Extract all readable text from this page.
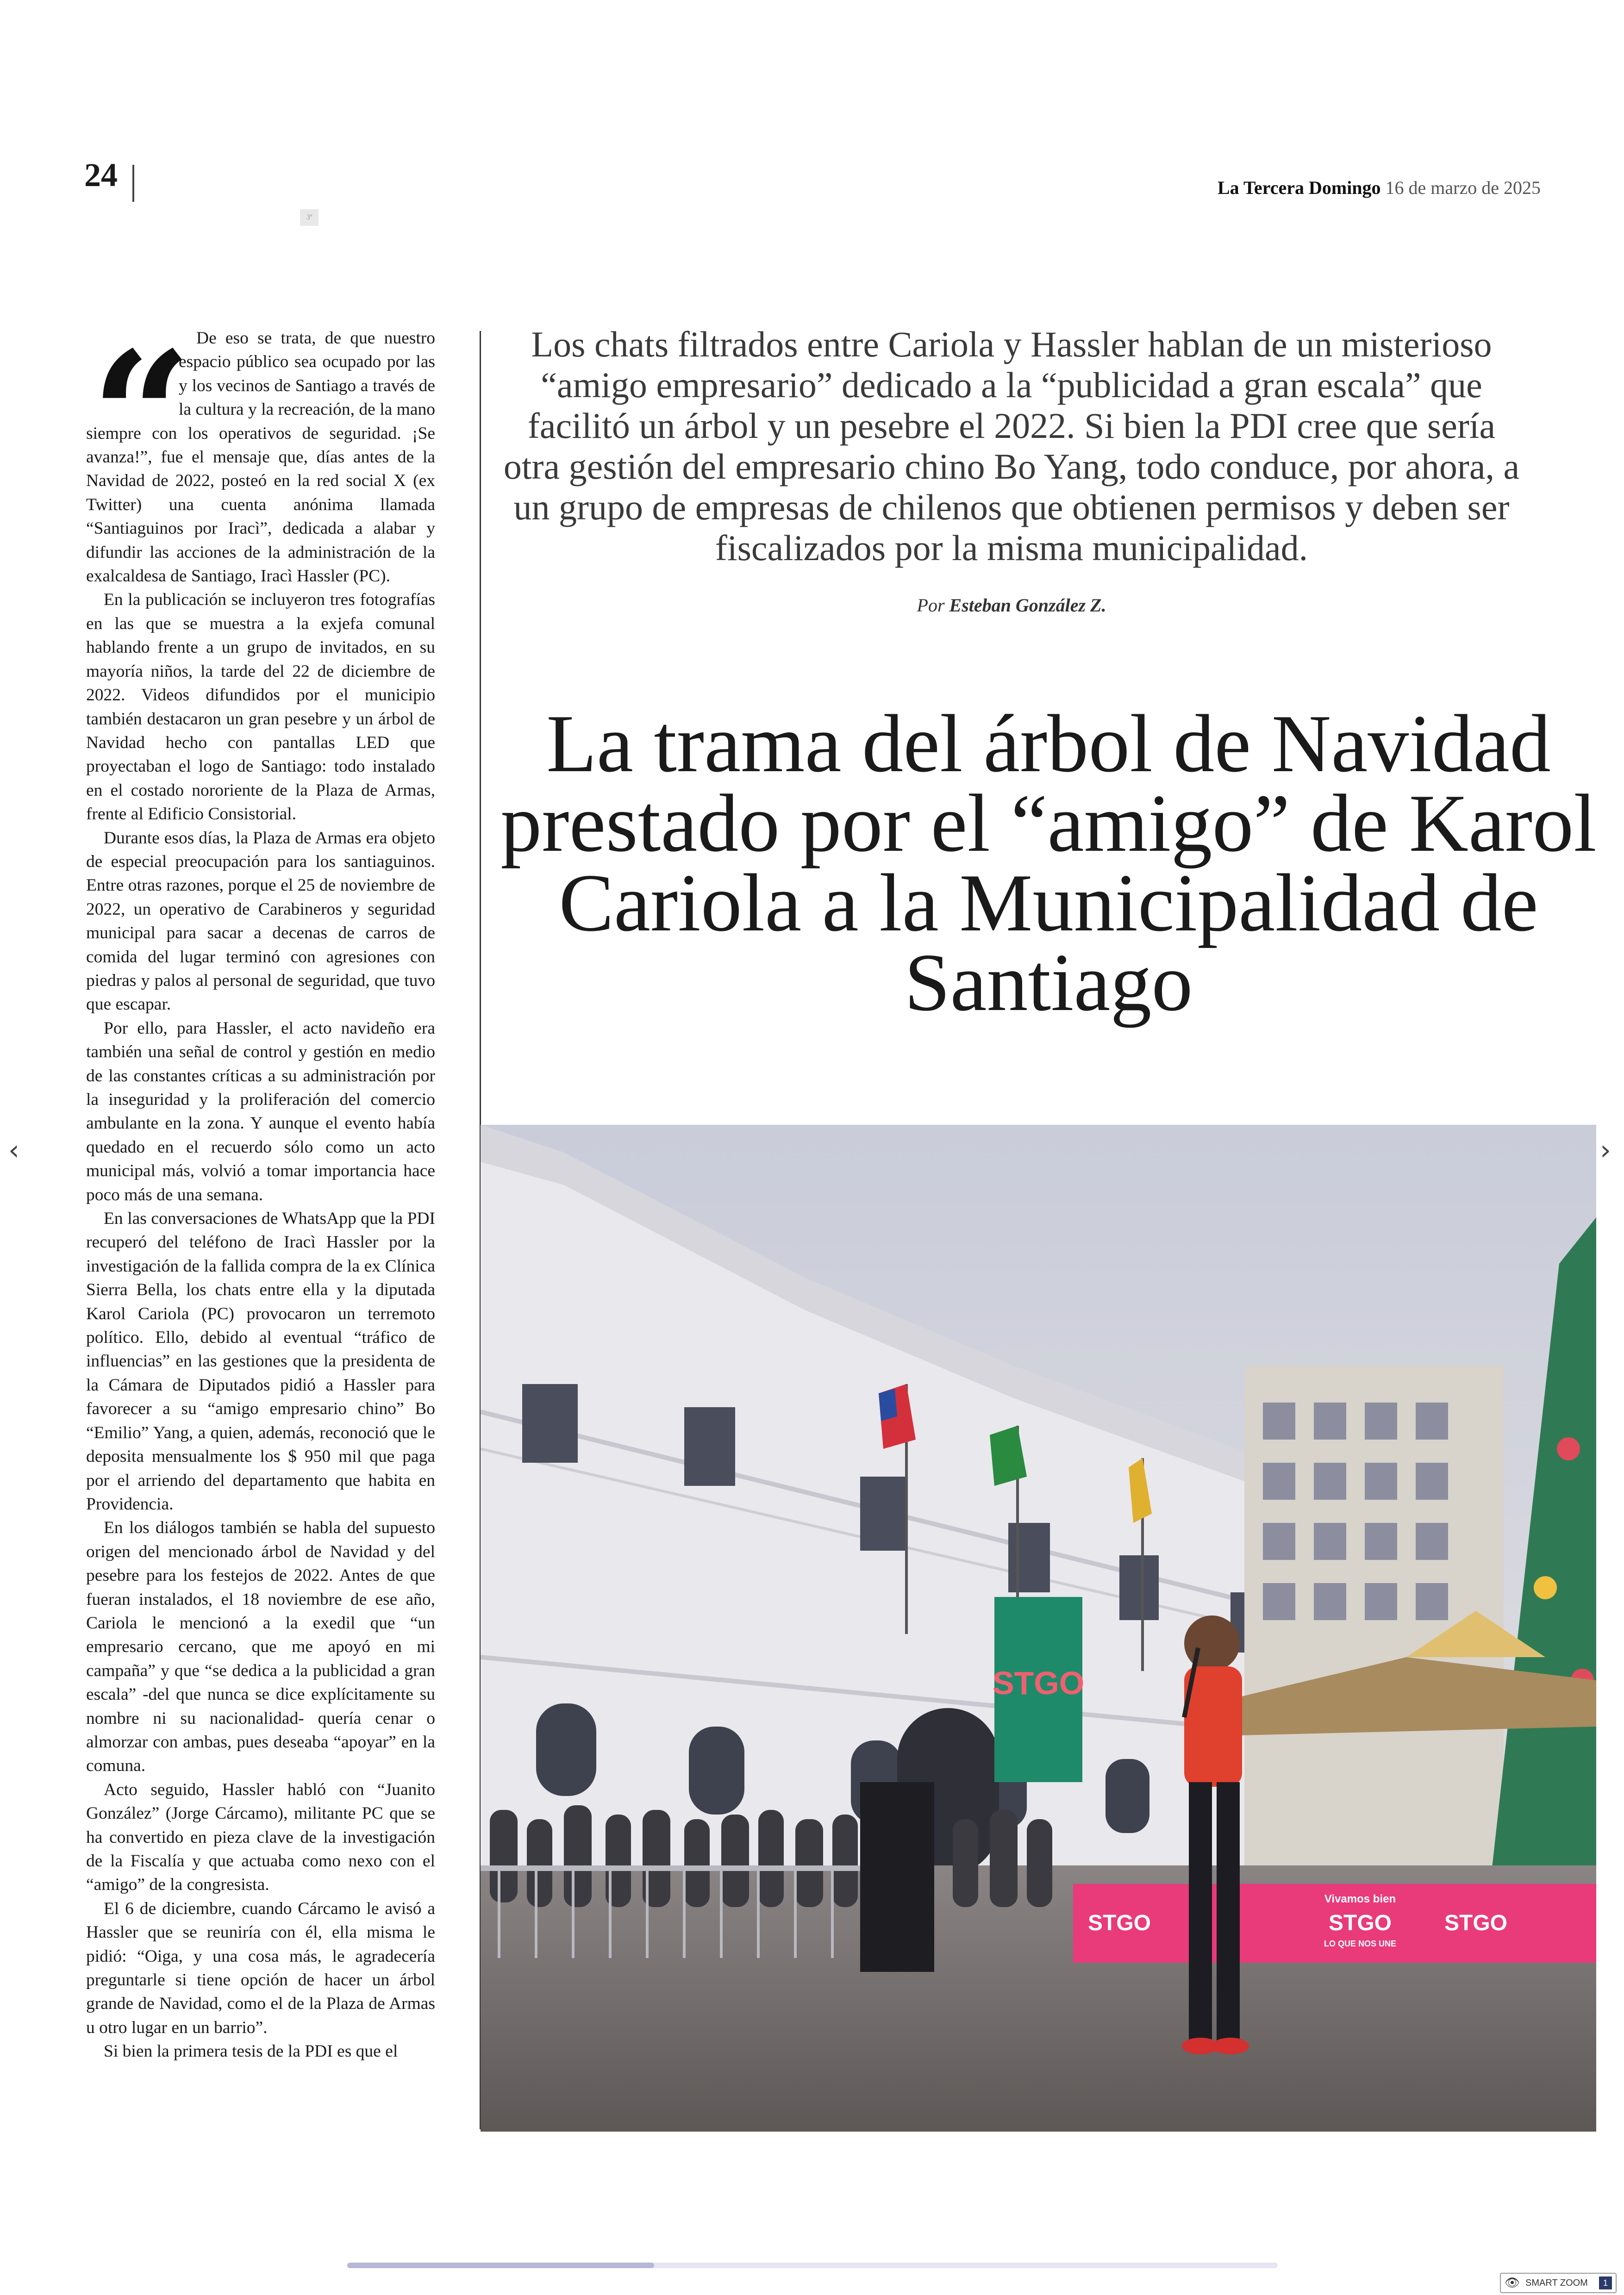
24	La Tercera Domingo 16 de marzo de 2025
3ª
“ De eso se trata, de que nuestro espacio público sea ocupado por las y los vecinos de Santiago a través de la cultura y la recreación, de la mano siempre con los operativos de seguridad. ¡Se avanza!”, fue el mensaje que, días antes de la Navidad de 2022, posteó en la red social X (ex Twitter) una cuenta anónima llamada “Santiaguinos por Iracì”, dedicada a alabar y difundir las acciones de la administración de la exalcaldesa de Santiago, Iracì Hassler (PC).

En la publicación se incluyeron tres fotografías en las que se muestra a la exjefa comunal hablando frente a un grupo de invitados, en su mayoría niños, la tarde del 22 de diciembre de 2022. Videos difundidos por el municipio también destacaron un gran pesebre y un árbol de Navidad hecho con pantallas LED que proyectaban el logo de Santiago: todo instalado en el costado nororiente de la Plaza de Armas, frente al Edificio Consistorial.

Durante esos días, la Plaza de Armas era objeto de especial preocupación para los santiaguinos. Entre otras razones, porque el 25 de noviembre de 2022, un operativo de Carabineros y seguridad municipal para sacar a decenas de carros de comida del lugar terminó con agresiones con piedras y palos al personal de seguridad, que tuvo que escapar.

Por ello, para Hassler, el acto navideño era también una señal de control y gestión en medio de las constantes críticas a su administración por la inseguridad y la proliferación del comercio ambulante en la zona. Y aunque el evento había quedado en el recuerdo sólo como un acto municipal más, volvió a tomar importancia hace poco más de una semana.

En las conversaciones de WhatsApp que la PDI recuperó del teléfono de Iracì Hassler por la investigación de la fallida compra de la ex Clínica Sierra Bella, los chats entre ella y la diputada Karol Cariola (PC) provocaron un terremoto político. Ello, debido al eventual “tráfico de influencias” en las gestiones que la presidenta de la Cámara de Diputados pidió a Hassler para favorecer a su “amigo empresario chino” Bo “Emilio” Yang, a quien, además, reconoció que le deposita mensualmente los $ 950 mil que paga por el arriendo del departamento que habita en Providencia.

En los diálogos también se habla del supuesto origen del mencionado árbol de Navidad y del pesebre para los festejos de 2022. Antes de que fueran instalados, el 18 noviembre de ese año, Cariola le mencionó a la exedil que “un empresario cercano, que me apoyó en mi campaña” y que “se dedica a la publicidad a gran escala” -del que nunca se dice explícitamente su nombre ni su nacionalidad- quería cenar o almorzar con ambas, pues deseaba “apoyar” en la comuna.

Acto seguido, Hassler habló con “Juanito González” (Jorge Cárcamo), militante PC que se ha convertido en pieza clave de la investigación de la Fiscalía y que actuaba como nexo con el “amigo” de la congresista.

El 6 de diciembre, cuando Cárcamo le avisó a Hassler que se reuniría con él, ella misma le pidió: “Oiga, y una cosa más, le agradecería preguntarle si tiene opción de hacer un árbol grande de Navidad, como el de la Plaza de Armas u otro lugar en un barrio”.

Si bien la primera tesis de la PDI es que el

Los chats filtrados entre Cariola y Hassler hablan de un misterioso “amigo empresario” dedicado a la “publicidad a gran escala” que facilitó un árbol y un pesebre el 2022. Si bien la PDI cree que sería otra gestión del empresario chino Bo Yang, todo conduce, por ahora, a un grupo de empresas de chilenos que obtienen permisos y deben ser fiscalizados por la misma municipalidad.
Por Esteban González Z.
La trama del árbol de Navidad prestado por el “amigo” de Karol Cariola a la Municipalidad de Santiago
STGO
STGO	STGO STGO
Vivamos bien
LO QUE NOS UNE
‹	›
👁 SMART ZOOM	1
